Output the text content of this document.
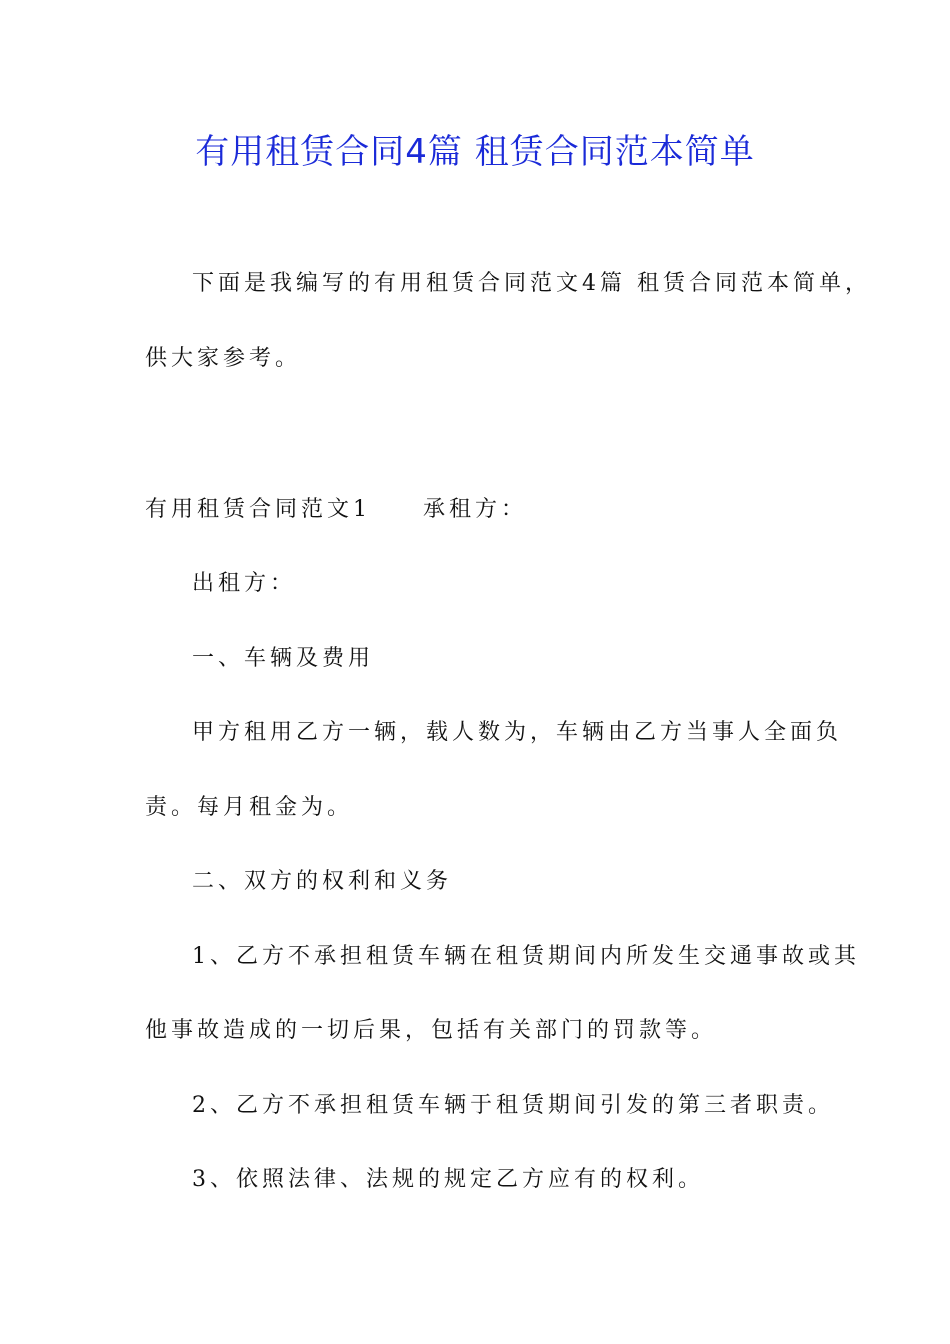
有用租赁合同4篇 租赁合同范本简单
下面是我编写的有用租赁合同范文4篇 租赁合同范本简单，
供大家参考。
有用租赁合同范文1 承租方：
出租方：
一、车辆及费用
甲方租用乙方一辆，载人数为，车辆由乙方当事人全面负
责。每月租金为。
二、双方的权利和义务
1、乙方不承担租赁车辆在租赁期间内所发生交通事故或其
他事故造成的一切后果，包括有关部门的罚款等。
2、乙方不承担租赁车辆于租赁期间引发的第三者职责。
3、依照法律、法规的规定乙方应有的权利。
